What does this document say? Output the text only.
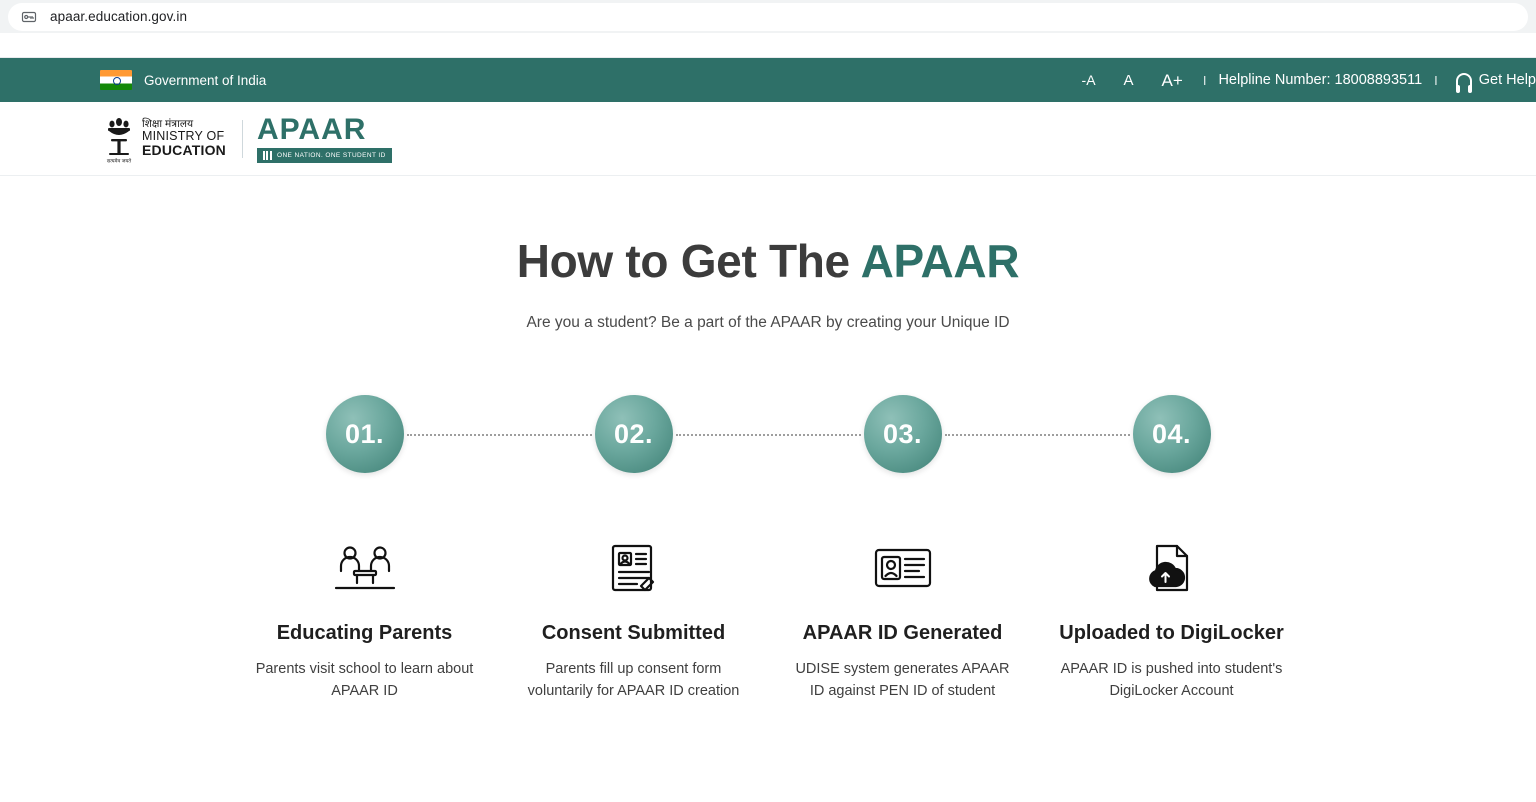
apaar.education.gov.in
Government of India	-A	A	A+	I Helpline Number: 18008893511 I	Get Help
सत्यमेव जयते
शिक्षा मंत्रालय
MINISTRY OF
EDUCATION
APAAR
ONE NATION. ONE STUDENT ID
How to Get The APAAR

Are you a student? Be a part of the APAAR by creating your Unique ID

01.
Educating Parents
Parents visit school to learn about APAAR ID
02.
Consent Submitted
Parents fill up consent form voluntarily for APAAR ID creation
03.
APAAR ID Generated
UDISE system generates APAAR ID against PEN ID of student
04.
Uploaded to DigiLocker
APAAR ID is pushed into student's DigiLocker Account
